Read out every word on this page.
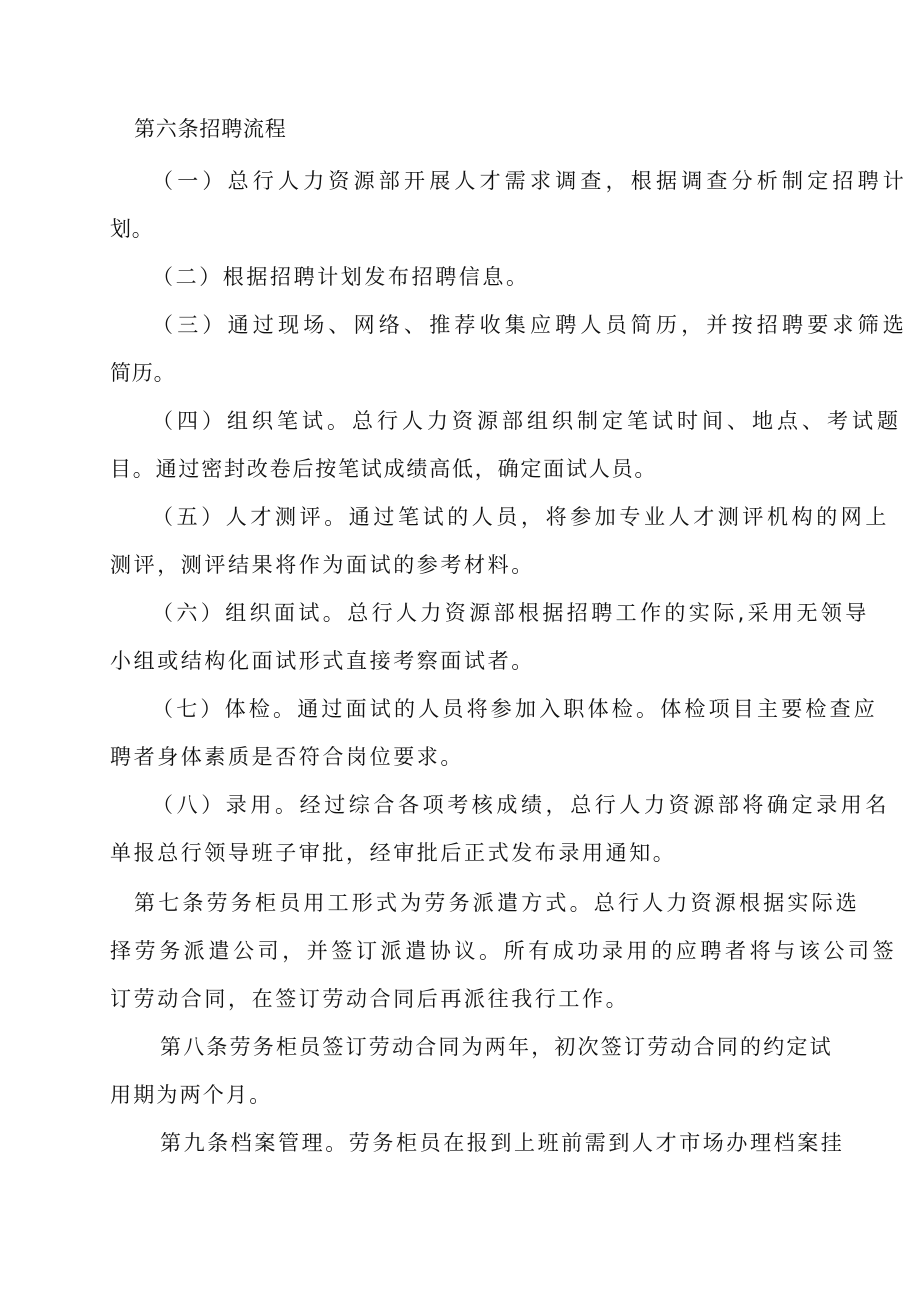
第六条招聘流程

（一）总行人力资源部开展人才需求调查，根据调查分析制定招聘计

划。

（二）根据招聘计划发布招聘信息。

（三）通过现场、网络、推荐收集应聘人员简历，并按招聘要求筛选

简历。

（四）组织笔试。总行人力资源部组织制定笔试时间、地点、考试题

目。通过密封改卷后按笔试成绩高低，确定面试人员。

（五）人才测评。通过笔试的人员，将参加专业人才测评机构的网上

测评，测评结果将作为面试的参考材料。

（六）组织面试。总行人力资源部根据招聘工作的实际,采用无领导

小组或结构化面试形式直接考察面试者。

（七）体检。通过面试的人员将参加入职体检。体检项目主要检查应

聘者身体素质是否符合岗位要求。

（八）录用。经过综合各项考核成绩，总行人力资源部将确定录用名

单报总行领导班子审批，经审批后正式发布录用通知。

第七条劳务柜员用工形式为劳务派遣方式。总行人力资源根据实际选

择劳务派遣公司，并签订派遣协议。所有成功录用的应聘者将与该公司签

订劳动合同，在签订劳动合同后再派往我行工作。

第八条劳务柜员签订劳动合同为两年，初次签订劳动合同的约定试

用期为两个月。

第九条档案管理。劳务柜员在报到上班前需到人才市场办理档案挂
